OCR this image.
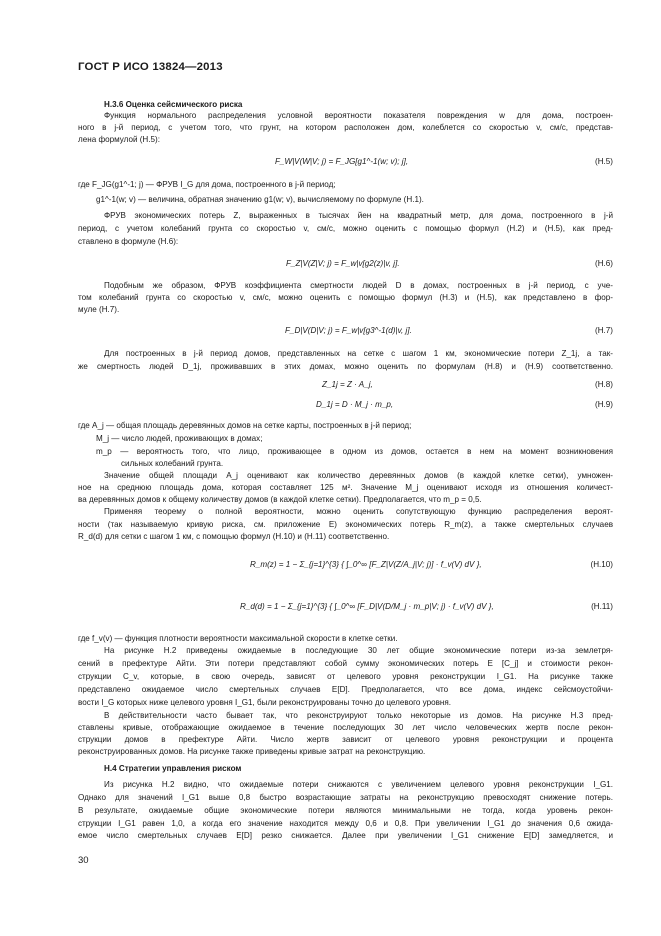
ГОСТ Р ИСО 13824—2013
Н.3.6 Оценка сейсмического риска
Функция нормального распределения условной вероятности показателя повреждения w для дома, построен-
ного в j-й период, с учетом того, что грунт, на котором расположен дом, колеблется со скоростью v, см/с, представ-
лена формулой (H.5):
F_W|V(W|V; j) = F_JG[g1^-1(w; v); j],	(H.5)
где F_JG(g1^-1; j) — ФРУВ I_G для дома, построенного в j-й период;
g1^-1(w; v) — величина, обратная значению g1(w; v), вычисляемому по формуле (H.1).
ФРУВ экономических потерь Z, выраженных в тысячах йен на квадратный метр, для дома, построенного в j-й
период, с учетом колебаний грунта со скоростью v, см/с, можно оценить с помощью формул (H.2) и (H.5), как пред-
ставлено в формуле (H.6):
F_Z|V(Z|V; j) = F_w|v[g2(z)|v, j].	(H.6)
Подобным же образом, ФРУВ коэффициента смертности людей D в домах, построенных в j-й период, с уче-
том колебаний грунта со скоростью v, см/с, можно оценить с помощью формул (H.3) и (H.5), как представлено в фор-
муле (H.7).
F_D|V(D|V; j) = F_w|v[g3^-1(d)|v, j].	(H.7)
Для построенных в j-й период домов, представленных на сетке с шагом 1 км, экономические потери Z_1j, а так-
же смертность людей D_1j, проживавших в этих домах, можно оценить по формулам (H.8) и (H.9) соответственно.
Z_1j = Z · A_j,	(H.8)
D_1j = D · M_j · m_p,	(H.9)
где A_j — общая площадь деревянных домов на сетке карты, построенных в j-й период;
M_j — число людей, проживающих в домах;
m_p — вероятность того, что лицо, проживающее в одном из домов, остается в нем на момент возникновения
сильных колебаний грунта.
Значение общей площади A_j оценивают как количество деревянных домов (в каждой клетке сетки), умножен-
ное на среднюю площадь дома, которая составляет 125 м². Значение M_j оценивают исходя из отношения количест-
ва деревянных домов к общему количеству домов (в каждой клетке сетки). Предполагается, что m_p = 0,5.
Применяя теорему о полной вероятности, можно оценить сопутствующую функцию распределения вероят-
ности (так называемую кривую риска, см. приложение E) экономических потерь R_m(z), а также смертельных случаев
R_d(d) для сетки с шагом 1 км, с помощью формул (H.10) и (H.11) соответственно.
R_m(z) = 1 − Σ_{j=1}^{3} { ∫_0^∞ [F_Z|V(Z/A_j|V; j)] · f_v(V) dV },	(H.10)
R_d(d) = 1 − Σ_{j=1}^{3} { ∫_0^∞ [F_D|V(D/M_j · m_p|V; j) · f_v(V) dV },	(H.11)
где f_v(v) — функция плотности вероятности максимальной скорости в клетке сетки.
На рисунке H.2 приведены ожидаемые в последующие 30 лет общие экономические потери из-за землетря-
сений в префектуре Айти. Эти потери представляют собой сумму экономических потерь E [C_j] и стоимости рекон-
струкции C_v, которые, в свою очередь, зависят от целевого уровня реконструкции I_G1. На рисунке также
представлено ожидаемое число смертельных случаев E[D]. Предполагается, что все дома, индекс сейсмоустойчи-
вости I_G которых ниже целевого уровня I_G1, были реконструированы точно до целевого уровня.
В действительности часто бывает так, что реконструируют только некоторые из домов. На рисунке H.3 пред-
ставлены кривые, отображающие ожидаемое в течение последующих 30 лет число человеческих жертв после рекон-
струкции домов в префектуре Айти. Число жертв зависит от целевого уровня реконструкции и процента
реконструированных домов. На рисунке также приведены кривые затрат на реконструкцию.
H.4 Стратегии управления риском
Из рисунка H.2 видно, что ожидаемые потери снижаются с увеличением целевого уровня реконструкции I_G1.
Однако для значений I_G1 выше 0,8 быстро возрастающие затраты на реконструкцию превосходят снижение потерь.
В результате, ожидаемые общие экономические потери являются минимальными не тогда, когда уровень рекон-
струкции I_G1 равен 1,0, а когда его значение находится между 0,6 и 0,8. При увеличении I_G1 до значения 0,6 ожида-
емое число смертельных случаев E[D] резко снижается. Далее при увеличении I_G1 снижение E[D] замедляется, и
30
